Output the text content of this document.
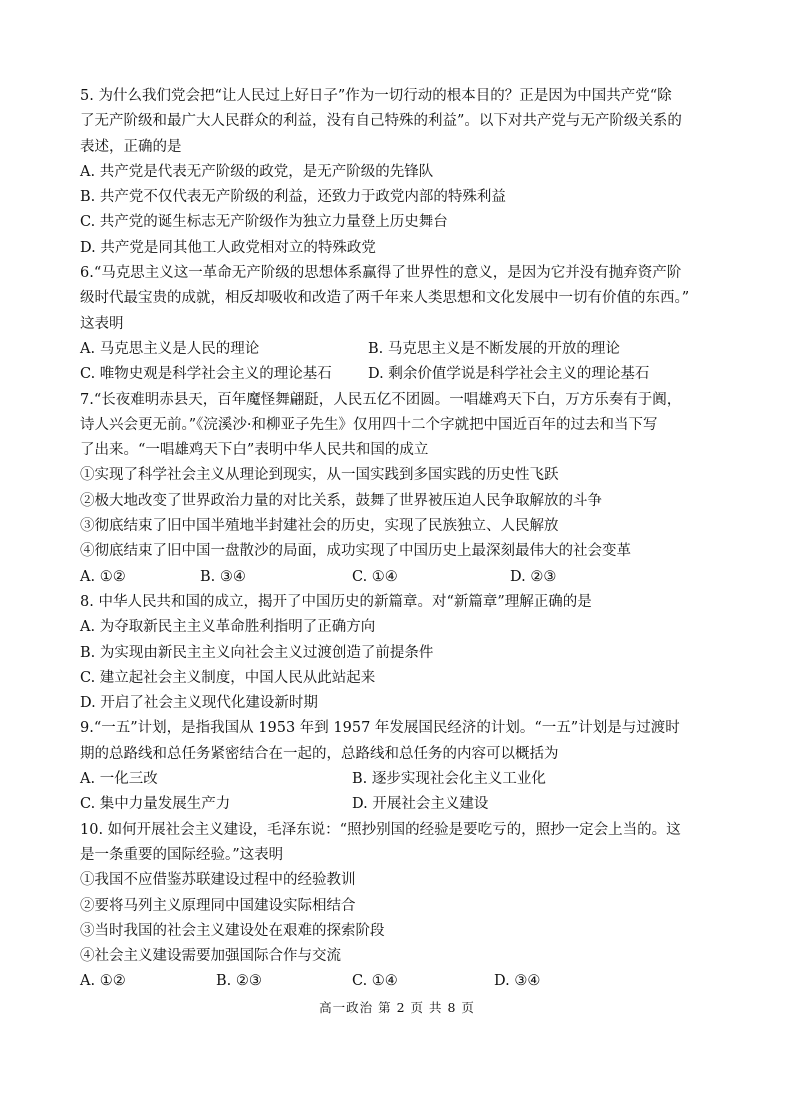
5. 为什么我们党会把“让人民过上好日子”作为一切行动的根本目的？正是因为中国共产党“除
了无产阶级和最广大人民群众的利益，没有自己特殊的利益”。以下对共产党与无产阶级关系的
表述，正确的是
A. 共产党是代表无产阶级的政党，是无产阶级的先锋队
B. 共产党不仅代表无产阶级的利益，还致力于政党内部的特殊利益
C. 共产党的诞生标志无产阶级作为独立力量登上历史舞台
D. 共产党是同其他工人政党相对立的特殊政党
6.“马克思主义这一革命无产阶级的思想体系赢得了世界性的意义，是因为它并没有抛弃资产阶
级时代最宝贵的成就，相反却吸收和改造了两千年来人类思想和文化发展中一切有价值的东西。”
这表明
A. 马克思主义是人民的理论	B. 马克思主义是不断发展的开放的理论
C. 唯物史观是科学社会主义的理论基石 D. 剩余价值学说是科学社会主义的理论基石
7.“长夜难明赤县天，百年魔怪舞翩跹，人民五亿不团圆。一唱雄鸡天下白，万方乐奏有于阗，
诗人兴会更无前。”《浣溪沙·和柳亚子先生》仅用四十二个字就把中国近百年的过去和当下写
了出来。“一唱雄鸡天下白”表明中华人民共和国的成立
①实现了科学社会主义从理论到现实，从一国实践到多国实践的历史性飞跃
②极大地改变了世界政治力量的对比关系，鼓舞了世界被压迫人民争取解放的斗争
③彻底结束了旧中国半殖地半封建社会的历史，实现了民族独立、人民解放
④彻底结束了旧中国一盘散沙的局面，成功实现了中国历史上最深刻最伟大的社会变革
A. ①②	B. ③④	C. ①④	D. ②③
8. 中华人民共和国的成立，揭开了中国历史的新篇章。对“新篇章”理解正确的是
A. 为夺取新民主主义革命胜利指明了正确方向
B. 为实现由新民主主义向社会主义过渡创造了前提条件
C. 建立起社会主义制度，中国人民从此站起来
D. 开启了社会主义现代化建设新时期
9.“一五”计划，是指我国从 1953 年到 1957 年发展国民经济的计划。“一五”计划是与过渡时
期的总路线和总任务紧密结合在一起的，总路线和总任务的内容可以概括为
A. 一化三改	B. 逐步实现社会化主义工业化
C. 集中力量发展生产力	D. 开展社会主义建设
10. 如何开展社会主义建设，毛泽东说：“照抄别国的经验是要吃亏的，照抄一定会上当的。这
是一条重要的国际经验。”这表明
①我国不应借鉴苏联建设过程中的经验教训
②要将马列主义原理同中国建设实际相结合
③当时我国的社会主义建设处在艰难的探索阶段
④社会主义建设需要加强国际合作与交流
A. ①②	B. ②③	C. ①④	D. ③④
高一政治 第 2 页 共 8 页
